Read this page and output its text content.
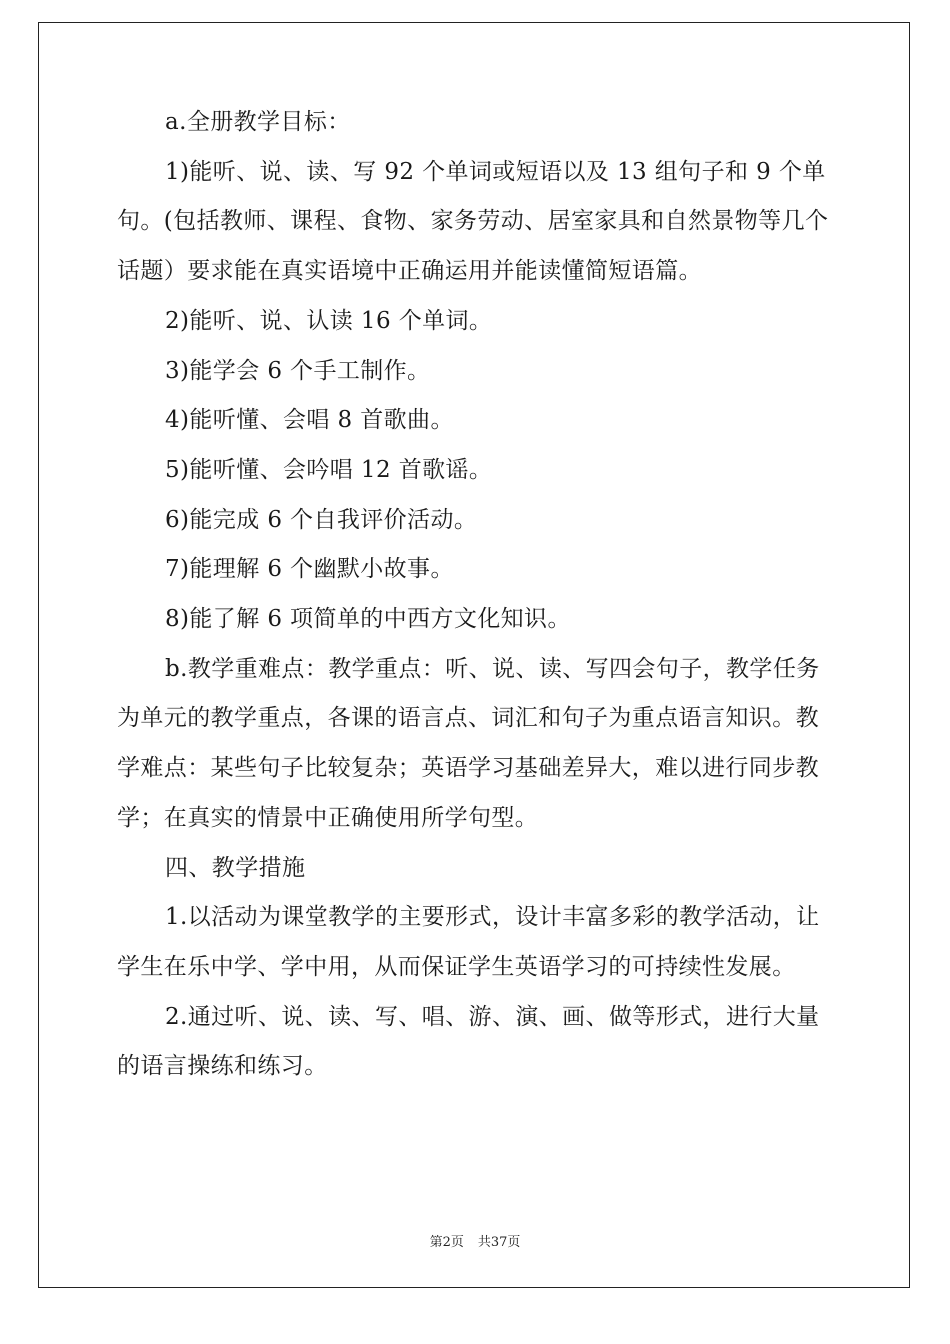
a.全册教学目标：

1)能听、说、读、写 92 个单词或短语以及 13 组句子和 9 个单句。(包括教师、课程、食物、家务劳动、居室家具和自然景物等几个话题）要求能在真实语境中正确运用并能读懂简短语篇。

2)能听、说、认读 16 个单词。

3)能学会 6 个手工制作。

4)能听懂、会唱 8 首歌曲。

5)能听懂、会吟唱 12 首歌谣。

6)能完成 6 个自我评价活动。

7)能理解 6 个幽默小故事。

8)能了解 6 项简单的中西方文化知识。

b.教学重难点：教学重点：听、说、读、写四会句子，教学任务为单元的教学重点，各课的语言点、词汇和句子为重点语言知识。教学难点：某些句子比较复杂；英语学习基础差异大，难以进行同步教学；在真实的情景中正确使用所学句型。

四、教学措施

1.以活动为课堂教学的主要形式，设计丰富多彩的教学活动，让学生在乐中学、学中用，从而保证学生英语学习的可持续性发展。

2.通过听、说、读、写、唱、游、演、画、做等形式，进行大量的语言操练和练习。

第2页 共37页
